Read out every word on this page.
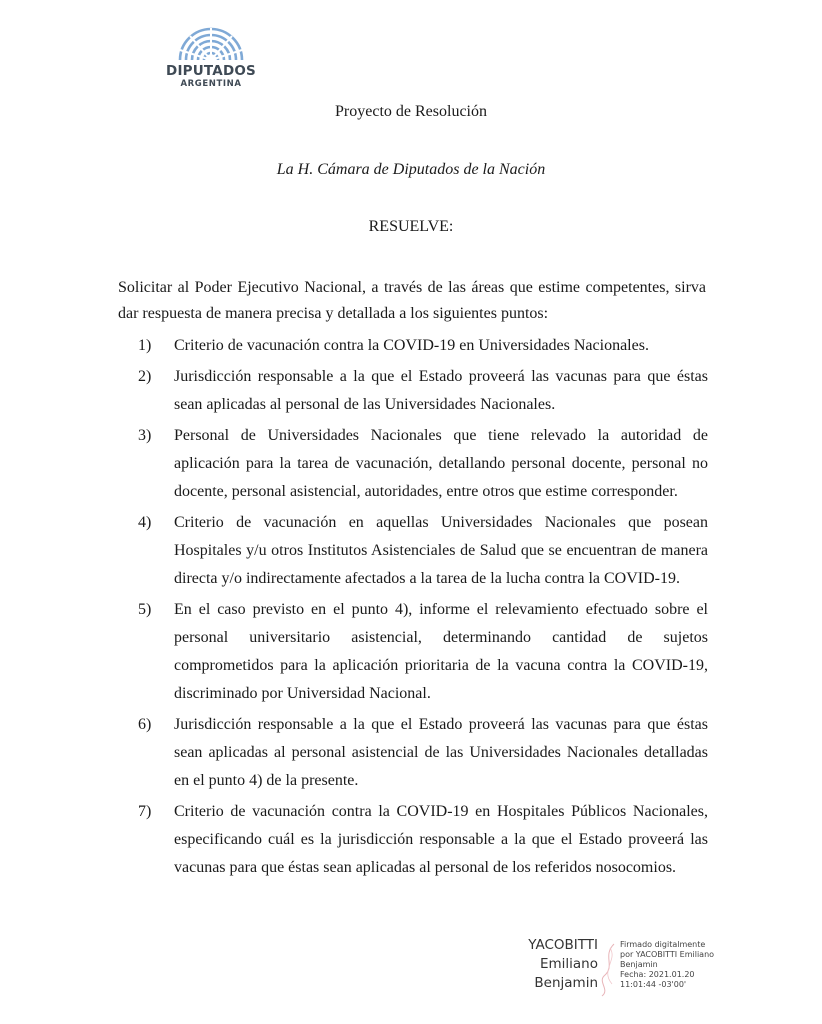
DIPUTADOS
ARGENTINA
Proyecto de Resolución
La H. Cámara de Diputados de la Nación
RESUELVE:
Solicitar al Poder Ejecutivo Nacional, a través de las áreas que estime competentes, sirva
dar respuesta de manera precisa y detallada a los siguientes puntos:
1) Criterio de vacunación contra la COVID-19 en Universidades Nacionales.
2) Jurisdicción responsable a la que el Estado proveerá las vacunas para que éstas sean aplicadas al personal de las Universidades Nacionales.
3) Personal de Universidades Nacionales que tiene relevado la autoridad de aplicación para la tarea de vacunación, detallando personal docente, personal no docente, personal asistencial, autoridades, entre otros que estime corresponder.
4) Criterio de vacunación en aquellas Universidades Nacionales que posean Hospitales y/u otros Institutos Asistenciales de Salud que se encuentran de manera directa y/o indirectamente afectados a la tarea de la lucha contra la COVID-19.
5) En el caso previsto en el punto 4), informe el relevamiento efectuado sobre el personal universitario asistencial, determinando cantidad de sujetos comprometidos para la aplicación prioritaria de la vacuna contra la COVID-19, discriminado por Universidad Nacional.
6) Jurisdicción responsable a la que el Estado proveerá las vacunas para que éstas sean aplicadas al personal asistencial de las Universidades Nacionales detalladas en el punto 4) de la presente.
7) Criterio de vacunación contra la COVID-19 en Hospitales Públicos Nacionales, especificando cuál es la jurisdicción responsable a la que el Estado proveerá las vacunas para que éstas sean aplicadas al personal de los referidos nosocomios.
YACOBITTI
Emiliano
Benjamin
Firmado digitalmente
por YACOBITTI Emiliano
Benjamin
Fecha: 2021.01.20
11:01:44 -03'00'
